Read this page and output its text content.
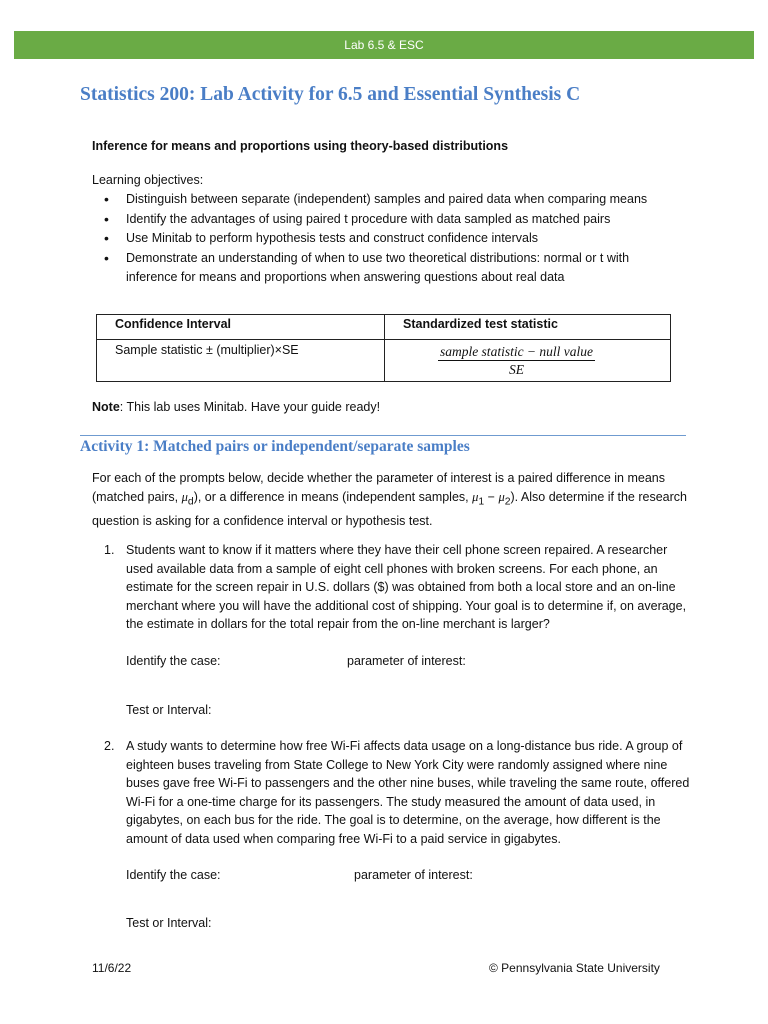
Lab 6.5 & ESC
Statistics 200: Lab Activity for 6.5 and Essential Synthesis C
Inference for means and proportions using theory-based distributions
Learning objectives:
• Distinguish between separate (independent) samples and paired data when comparing means
• Identify the advantages of using paired t procedure with data sampled as matched pairs
• Use Minitab to perform hypothesis tests and construct confidence intervals
• Demonstrate an understanding of when to use two theoretical distributions: normal or t with inference for means and proportions when answering questions about real data
Confidence Interval	Standardized test statistic
Sample statistic ± (multiplier)×SE	sample statistic − null value
SE
Note: This lab uses Minitab. Have your guide ready!
Activity 1: Matched pairs or independent/separate samples
For each of the prompts below, decide whether the parameter of interest is a paired difference in means (matched pairs, $\mu_d$), or a difference in means (independent samples, $\mu_1 - \mu_2$). Also determine if the research question is asking for a confidence interval or hypothesis test.
1. Students want to know if it matters where they have their cell phone screen repaired. A researcher used available data from a sample of eight cell phones with broken screens. For each phone, an estimate for the screen repair in U.S. dollars ($) was obtained from both a local store and an on-line merchant where you will have the additional cost of shipping. Your goal is to determine if, on average, the estimate in dollars for the total repair from the on-line merchant is larger?
Identify the case:	parameter of interest:
Test or Interval:
2. A study wants to determine how free Wi-Fi affects data usage on a long-distance bus ride. A group of eighteen buses traveling from State College to New York City were randomly assigned where nine buses gave free Wi-Fi to passengers and the other nine buses, while traveling the same route, offered Wi-Fi for a one-time charge for its passengers. The study measured the amount of data used, in gigabytes, on each bus for the ride. The goal is to determine, on the average, how different is the amount of data used when comparing free Wi-Fi to a paid service in gigabytes.
Identify the case:	parameter of interest:
Test or Interval:
11/6/22	© Pennsylvania State University
